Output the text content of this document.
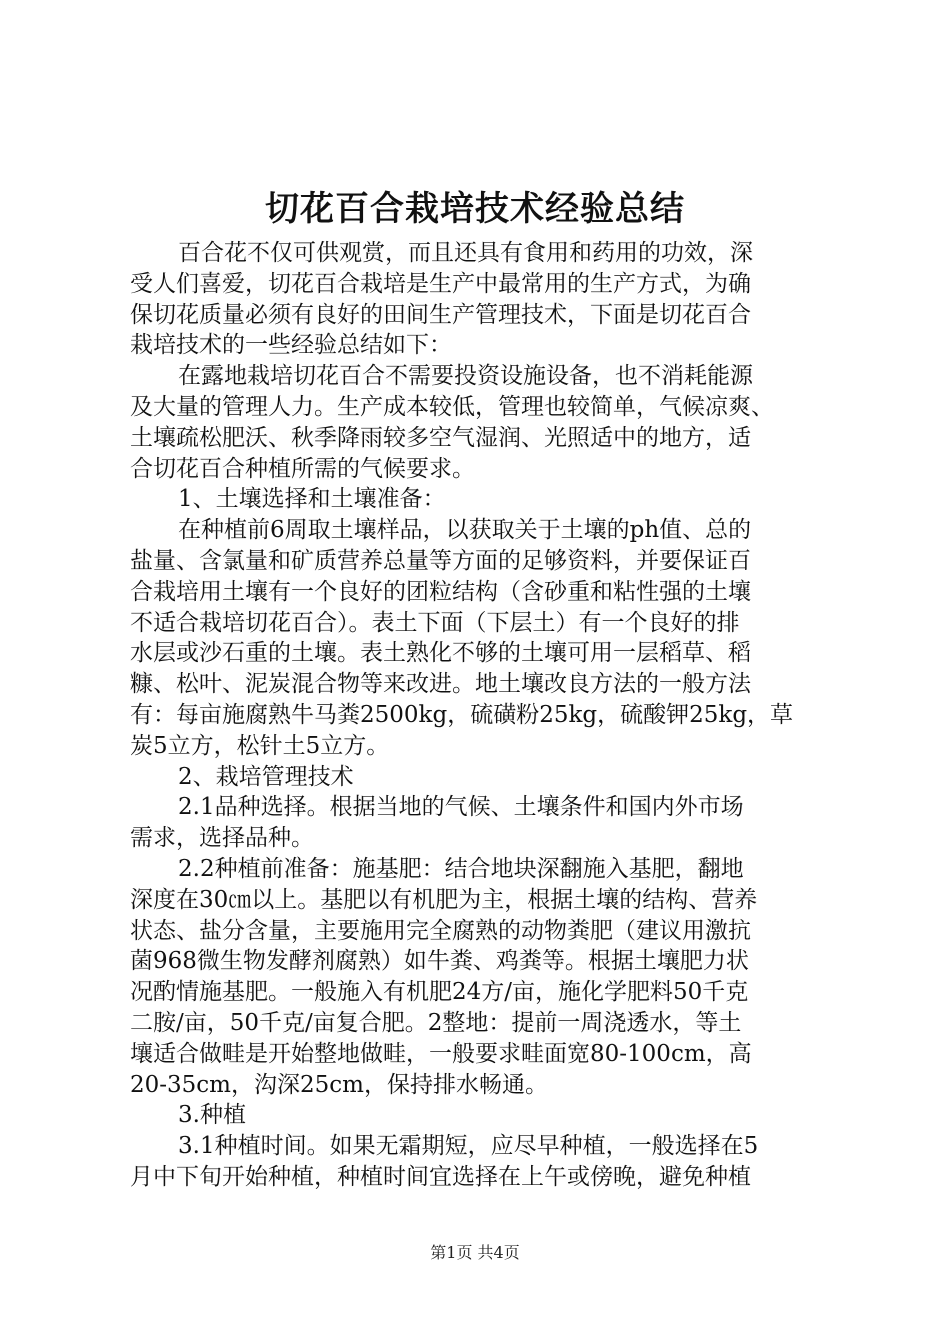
切花百合栽培技术经验总结
百合花不仅可供观赏，而且还具有食用和药用的功效，深
受人们喜爱，切花百合栽培是生产中最常用的生产方式，为确
保切花质量必须有良好的田间生产管理技术，下面是切花百合
栽培技术的一些经验总结如下：
在露地栽培切花百合不需要投资设施设备，也不消耗能源
及大量的管理人力。生产成本较低，管理也较简单，气候凉爽、
土壤疏松肥沃、秋季降雨较多空气湿润、光照适中的地方，适
合切花百合种植所需的气候要求。
1、土壤选择和土壤准备：
在种植前6周取土壤样品，以获取关于土壤的ph值、总的
盐量、含氯量和矿质营养总量等方面的足够资料，并要保证百
合栽培用土壤有一个良好的团粒结构（含砂重和粘性强的土壤
不适合栽培切花百合）。表土下面（下层土）有一个良好的排
水层或沙石重的土壤。表土熟化不够的土壤可用一层稻草、稻
糠、松叶、泥炭混合物等来改进。地土壤改良方法的一般方法
有：每亩施腐熟牛马粪2500kg，硫磺粉25kg，硫酸钾25kg，草
炭5立方，松针土5立方。
2、栽培管理技术
2.1品种选择。根据当地的气候、土壤条件和国内外市场
需求，选择品种。
2.2种植前准备：施基肥：结合地块深翻施入基肥，翻地
深度在30㎝以上。基肥以有机肥为主，根据土壤的结构、营养
状态、盐分含量，主要施用完全腐熟的动物粪肥（建议用激抗
菌968微生物发酵剂腐熟）如牛粪、鸡粪等。根据土壤肥力状
况酌情施基肥。一般施入有机肥24方/亩，施化学肥料50千克
二胺/亩，50千克/亩复合肥。2整地：提前一周浇透水，等土
壤适合做畦是开始整地做畦，一般要求畦面宽80-100cm，高
20-35cm，沟深25cm，保持排水畅通。
3.种植
3.1种植时间。如果无霜期短，应尽早种植，一般选择在5
月中下旬开始种植，种植时间宜选择在上午或傍晚，避免种植
第1页 共4页
